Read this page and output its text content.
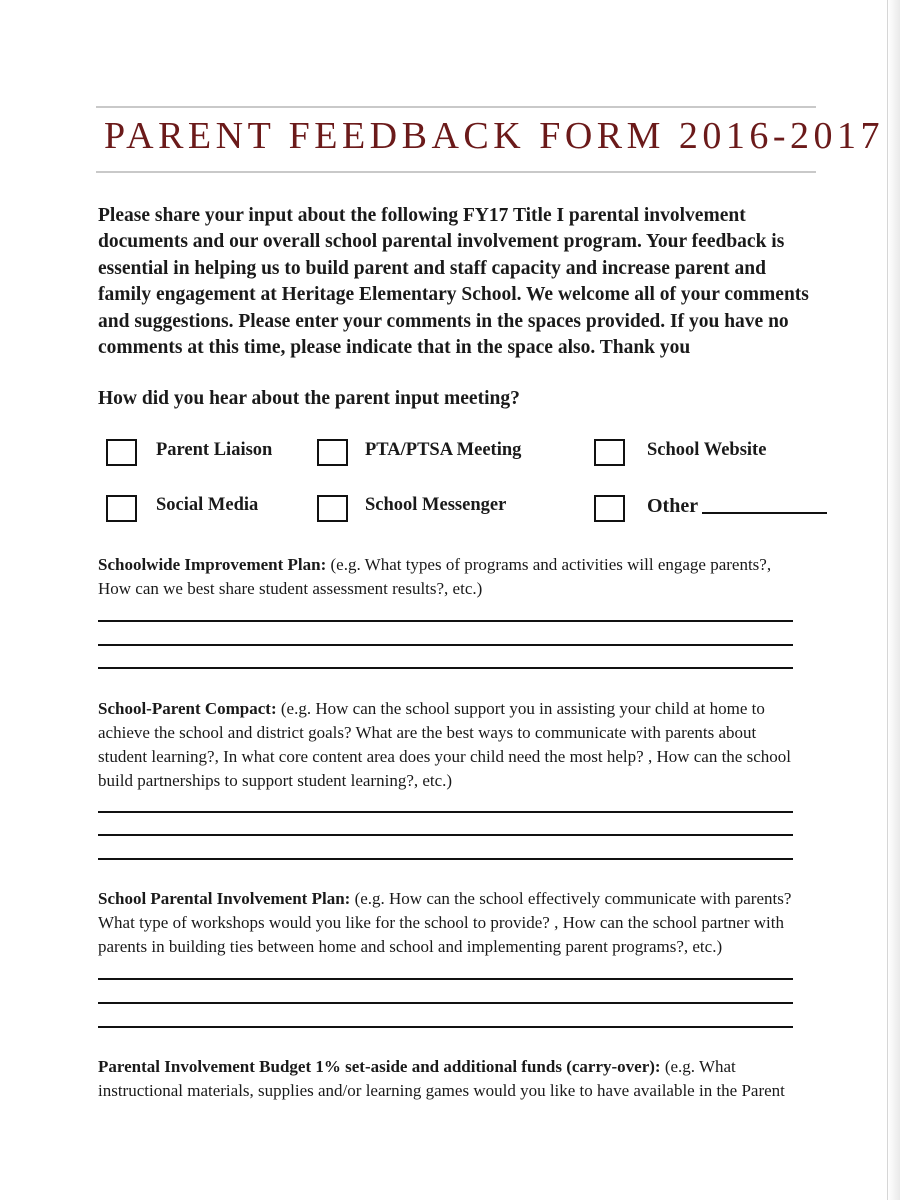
PARENT FEEDBACK FORM 2016-2017
Please share your input about the following FY17 Title I parental involvement documents and our overall school parental involvement program. Your feedback is essential in helping us to build parent and staff capacity and increase parent and family engagement at Heritage Elementary School. We welcome all of your comments and suggestions. Please enter your comments in the spaces provided. If you have no comments at this time, please indicate that in the space also. Thank you
How did you hear about the parent input meeting?
Parent Liaison	PTA/PTSA Meeting	School Website
Social Media	School Messenger	Other
Schoolwide Improvement Plan: (e.g. What types of programs and activities will engage parents?, How can we best share student assessment results?, etc.)
School-Parent Compact: (e.g. How can the school support you in assisting your child at home to achieve the school and district goals? What are the best ways to communicate with parents about student learning?, In what core content area does your child need the most help? , How can the school build partnerships to support student learning?, etc.)
School Parental Involvement Plan: (e.g. How can the school effectively communicate with parents? What type of workshops would you like for the school to provide? , How can the school partner with parents in building ties between home and school and implementing parent programs?, etc.)
Parental Involvement Budget 1% set-aside and additional funds (carry-over): (e.g. What instructional materials, supplies and/or learning games would you like to have available in the Parent
